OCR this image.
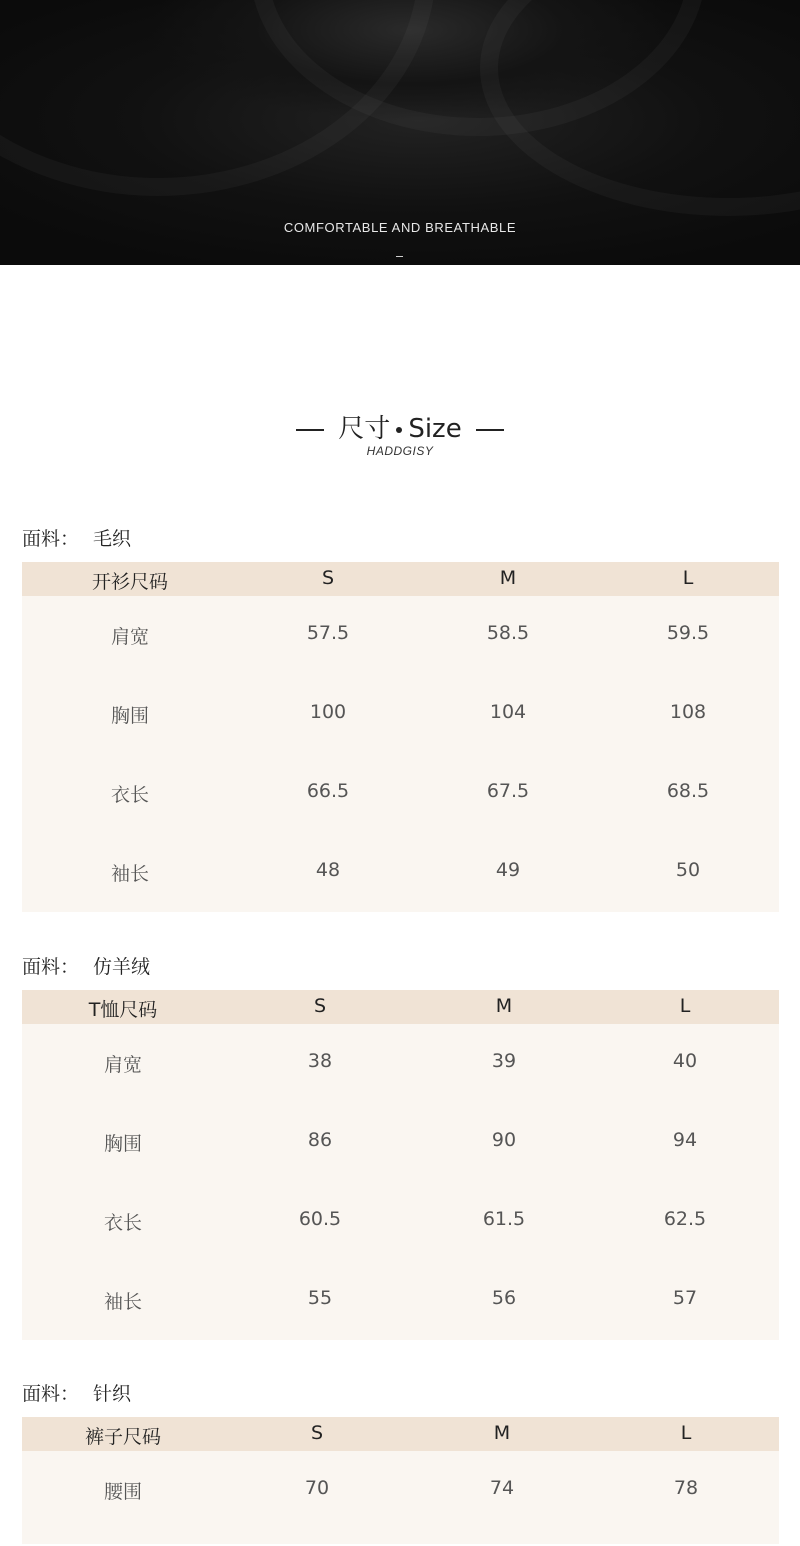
COMFORTABLE AND BREATHABLE
尺寸 Size
HADDGISY
面料： 毛织
开衫尺码	S	M	L
肩宽	57.5	58.5	59.5
胸围	100	104	108
衣长	66.5	67.5	68.5
袖长	48	49	50
面料： 仿羊绒
T恤尺码	S	M	L
肩宽	38	39	40
胸围	86	90	94
衣长	60.5	61.5	62.5
袖长	55	56	57
面料： 针织
裤子尺码	S	M	L
腰围	70	74	78
